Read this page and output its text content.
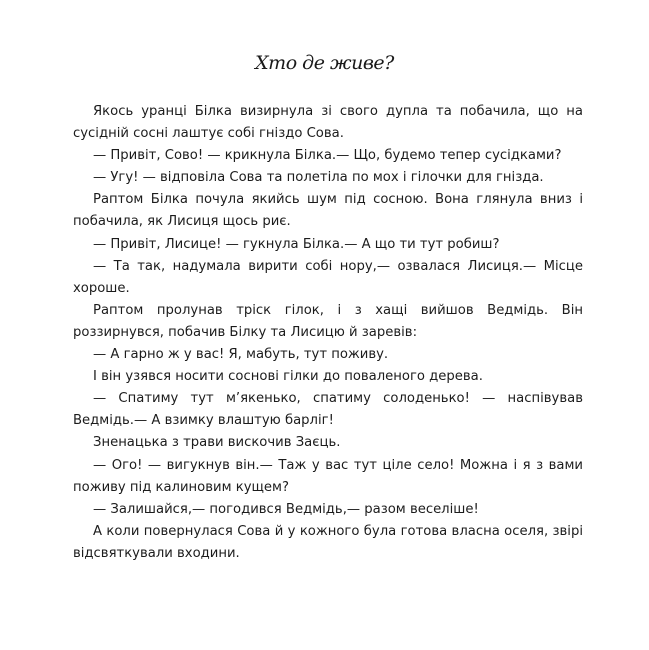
Хто де живе?

Якось уранці Білка визирнула зі свого дупла та побачила, що на сусідній сосні лаштує собі гніздо Сова.

— Привіт, Сово! — крикнула Білка.— Що, будемо тепер сусідками?

— Угу! — відповіла Сова та полетіла по мох і гілочки для гнізда.

Раптом Білка почула якийсь шум під сосною. Вона глянула вниз і побачила, як Лисиця щось риє.

— Привіт, Лисице! — гукнула Білка.— А що ти тут робиш?

— Та так, надумала вирити собі нору,— озвалася Лисиця.— Місце хороше.

Раптом пролунав тріск гілок, і з хащі вийшов Ведмідь. Він роззирнувся, побачив Білку та Лисицю й заревів:

— А гарно ж у вас! Я, мабуть, тут поживу.

І він узявся носити соснові гілки до поваленого дерева.

— Спатиму тут м’якенько, спатиму солоденько! — наспівував Ведмідь.— А взимку влаштую барліг!

Зненацька з трави вискочив Заєць.

— Ого! — вигукнув він.— Таж у вас тут ціле село! Можна і я з вами поживу під калиновим кущем?

— Залишайся,— погодився Ведмідь,— разом веселіше!

А коли повернулася Сова й у кожного була готова власна оселя, звірі відсвяткували входини.
